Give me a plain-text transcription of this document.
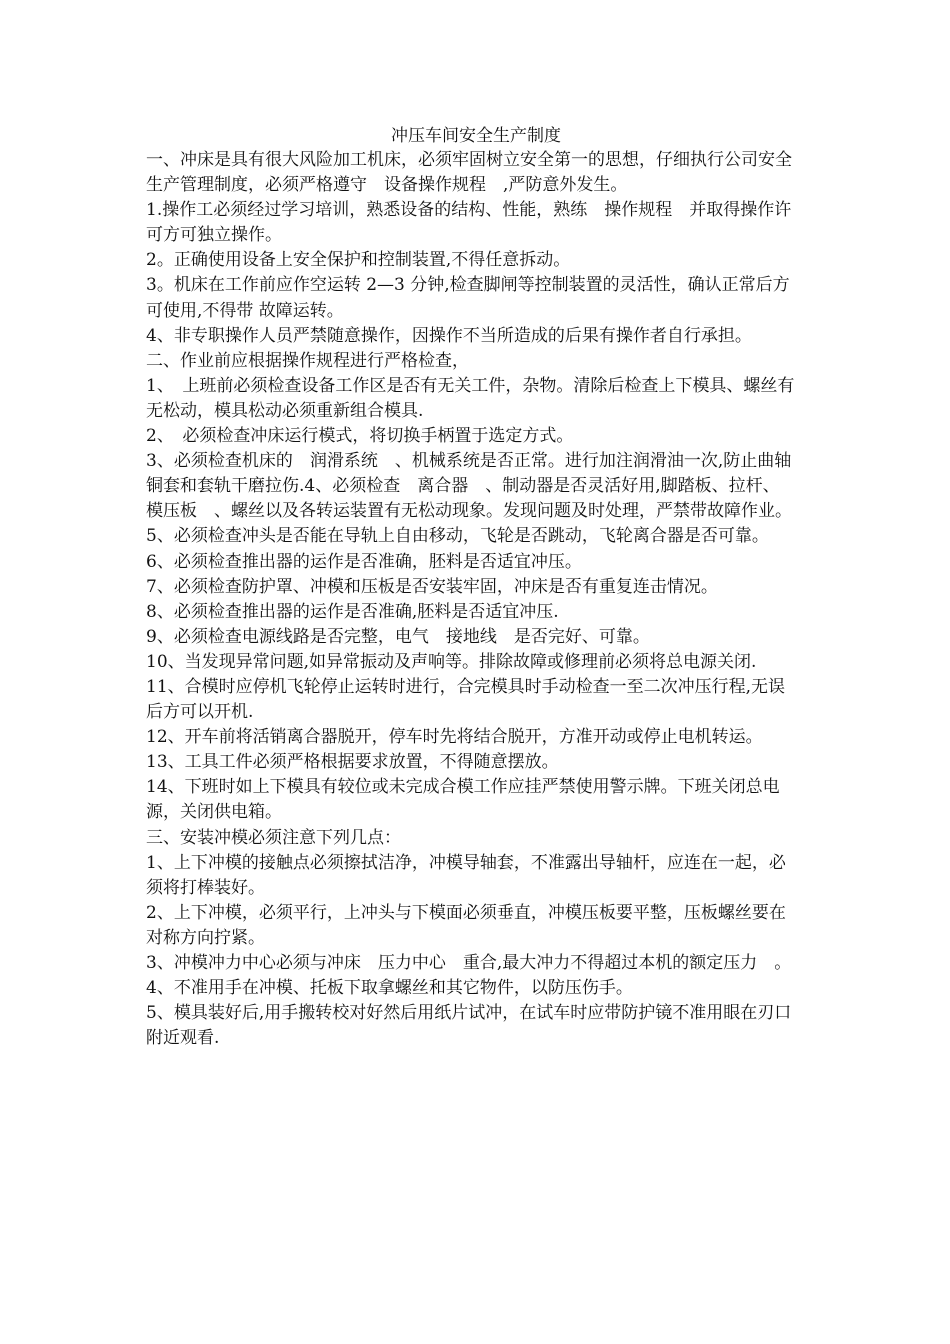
冲压车间安全生产制度

一、冲床是具有很大风险加工机床，必须牢固树立安全第一的思想，仔细执行公司安全生产管理制度，必须严格遵守　设备操作规程　,严防意外发生。

1.操作工必须经过学习培训，熟悉设备的结构、性能，熟练　操作规程　并取得操作许可方可独立操作。

2。正确使用设备上安全保护和控制装置,不得任意拆动。

3。机床在工作前应作空运转 2—3 分钟,检查脚闸等控制装置的灵活性，确认正常后方可使用,不得带 故障运转。

4、非专职操作人员严禁随意操作，因操作不当所造成的后果有操作者自行承担。

二、作业前应根据操作规程进行严格检查，

1、　上班前必须检查设备工作区是否有无关工件，杂物。清除后检查上下模具、螺丝有无松动，模具松动必须重新组合模具.

2、　必须检查冲床运行模式，将切换手柄置于选定方式。

3、必须检查机床的　润滑系统　、机械系统是否正常。进行加注润滑油一次,防止曲轴铜套和套轨干磨拉伤.4、必须检查　离合器　、制动器是否灵活好用,脚踏板、拉杆、　模压板　、螺丝以及各转运装置有无松动现象。发现问题及时处理，严禁带故障作业。

5、必须检查冲头是否能在导轨上自由移动，飞轮是否跳动，飞轮离合器是否可靠。

6、必须检查推出器的运作是否准确，胚料是否适宜冲压。

7、必须检查防护罩、冲模和压板是否安装牢固，冲床是否有重复连击情况。

8、必须检查推出器的运作是否准确,胚料是否适宜冲压.

9、必须检查电源线路是否完整，电气　接地线　是否完好、可靠。

10、当发现异常问题,如异常振动及声响等。排除故障或修理前必须将总电源关闭.

11、合模时应停机飞轮停止运转时进行，合完模具时手动检查一至二次冲压行程,无误后方可以开机.

12、开车前将活销离合器脱开，停车时先将结合脱开，方准开动或停止电机转运。

13、工具工件必须严格根据要求放置，不得随意摆放。

14、下班时如上下模具有较位或未完成合模工作应挂严禁使用警示牌。下班关闭总电源，关闭供电箱。

三、安装冲模必须注意下列几点：

1、上下冲模的接触点必须擦拭洁净，冲模导轴套，不准露出导轴杆，应连在一起，必须将打棒装好。

2、上下冲模，必须平行，上冲头与下模面必须垂直，冲模压板要平整，压板螺丝要在对称方向拧紧。

3、冲模冲力中心必须与冲床　压力中心　重合,最大冲力不得超过本机的额定压力　。

4、不准用手在冲模、托板下取拿螺丝和其它物件，以防压伤手。

5、模具装好后,用手搬转校对好然后用纸片试冲，在试车时应带防护镜不准用眼在刃口附近观看.
